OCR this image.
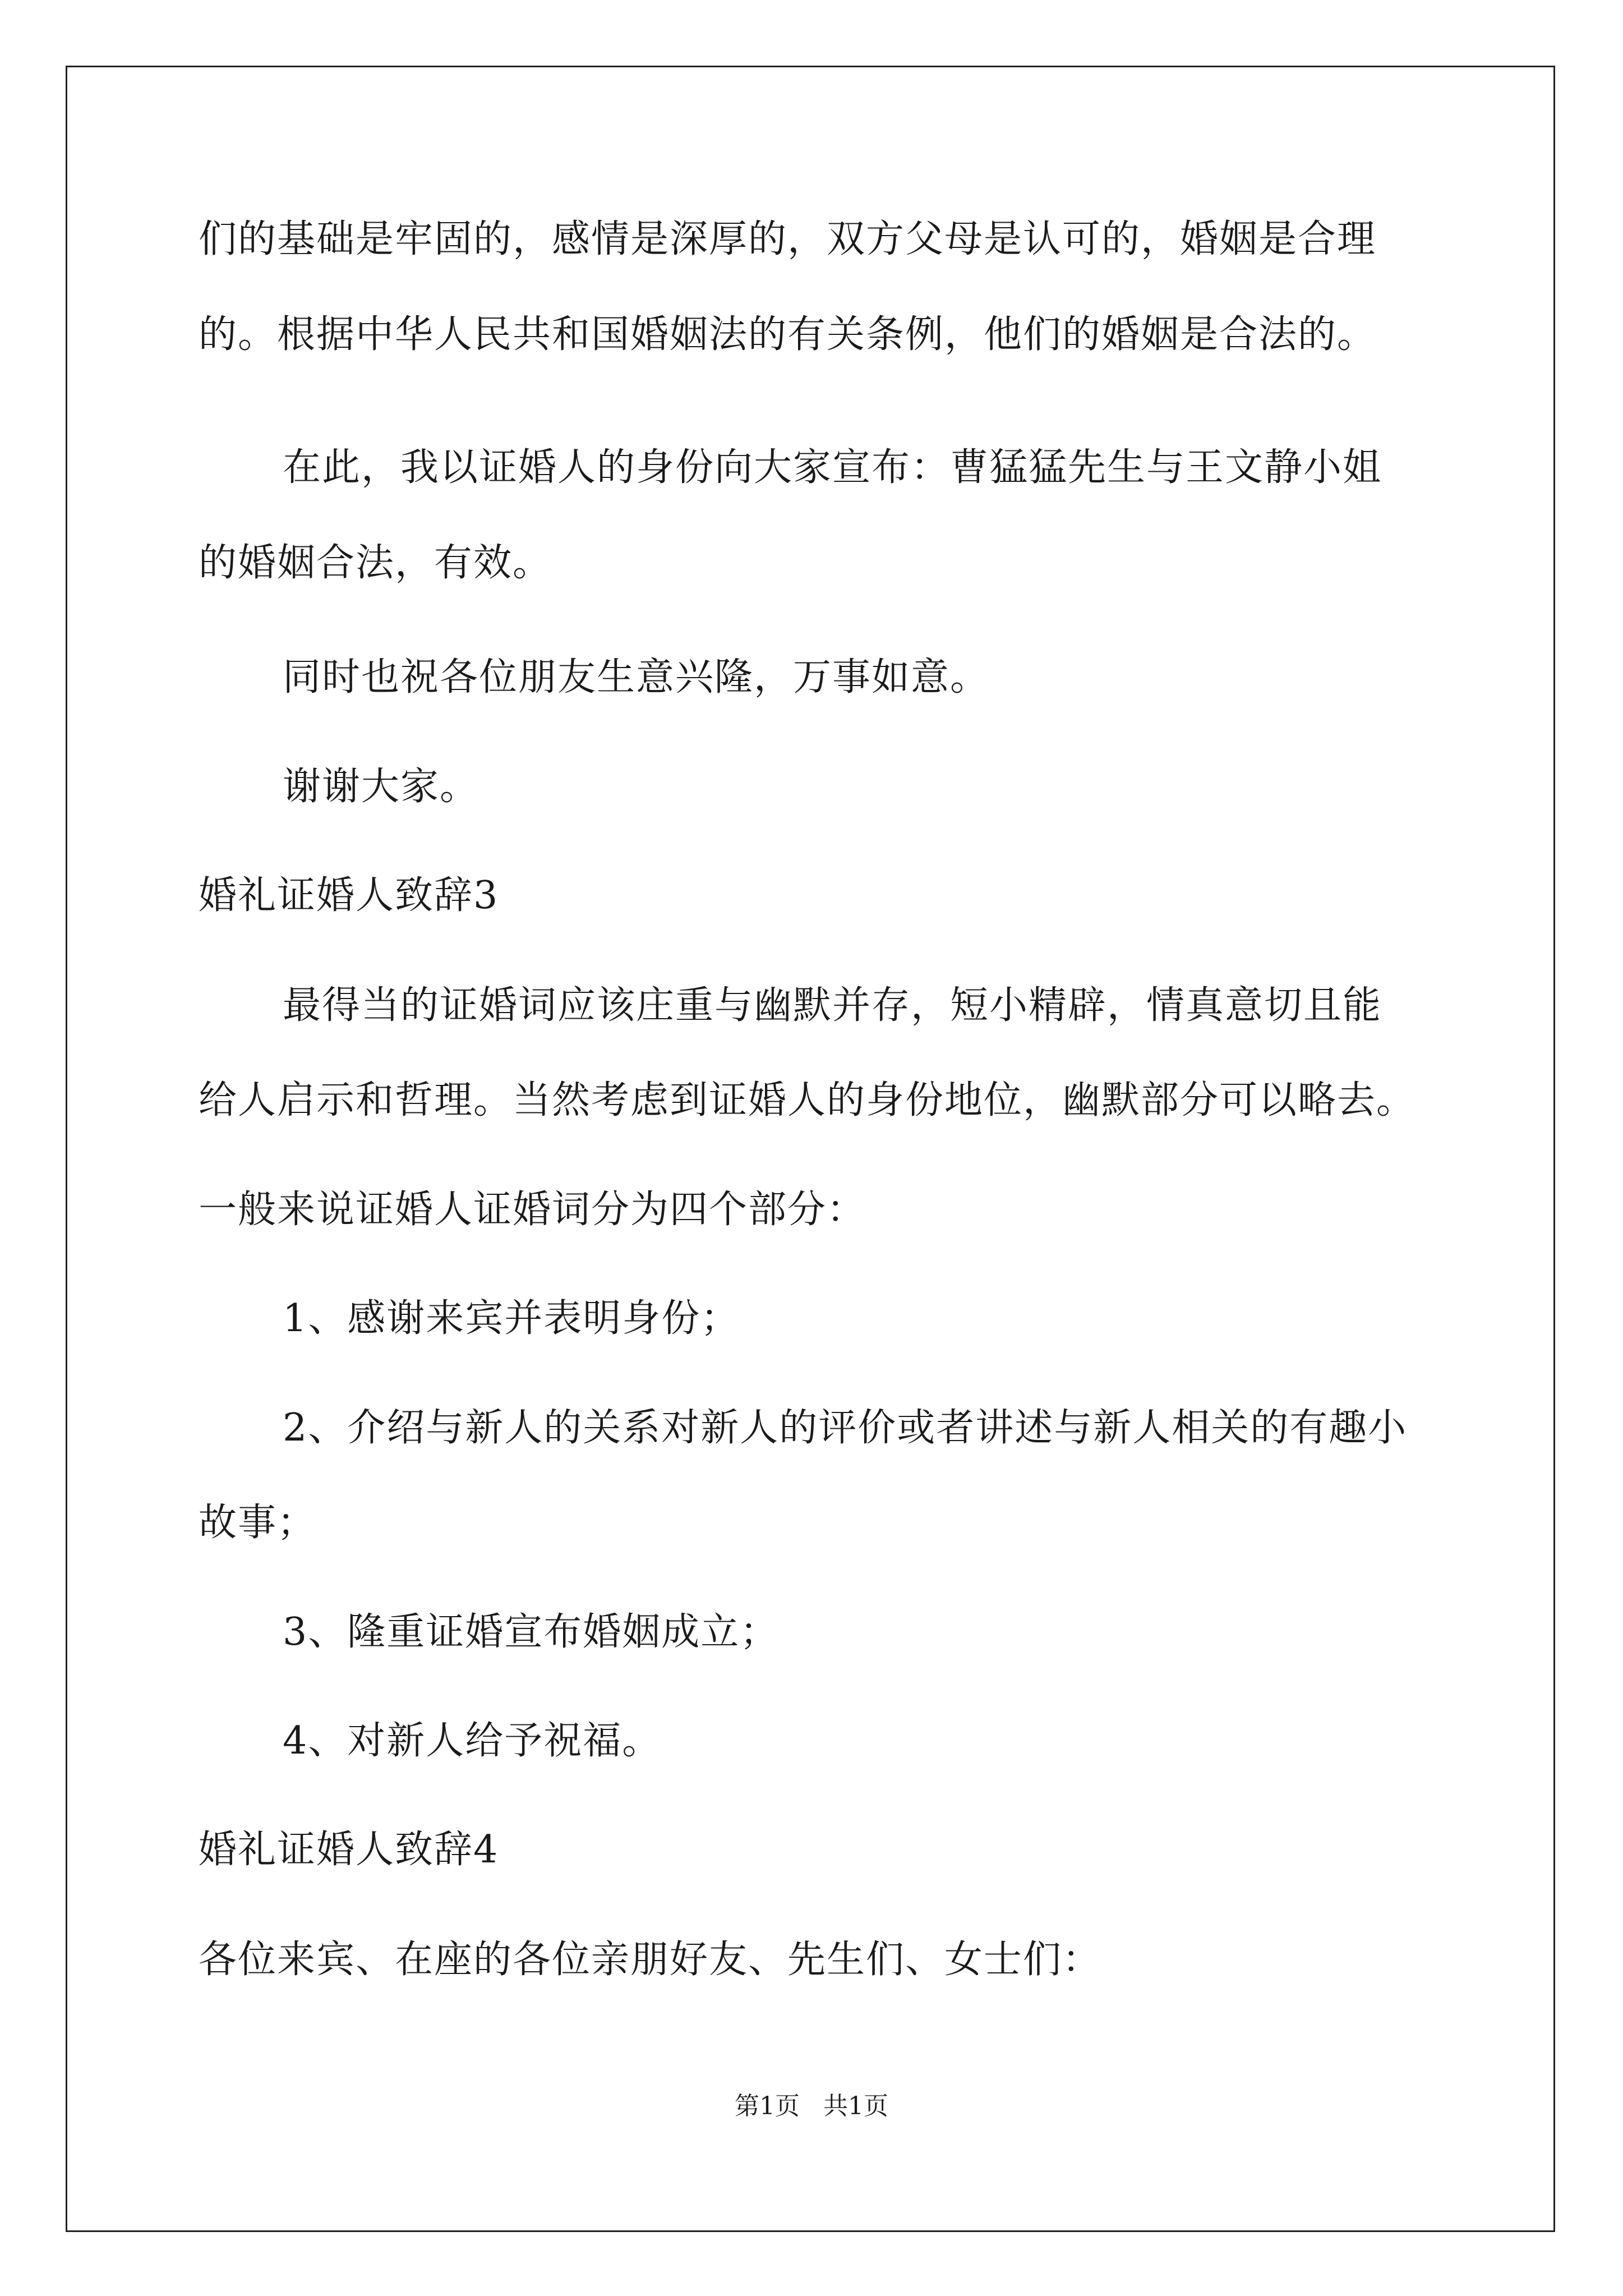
们的基础是牢固的，感情是深厚的，双方父母是认可的，婚姻是合理
的。根据中华人民共和国婚姻法的有关条例，他们的婚姻是合法的。
在此，我以证婚人的身份向大家宣布：曹猛猛先生与王文静小姐
的婚姻合法，有效。
同时也祝各位朋友生意兴隆，万事如意。
谢谢大家。
婚礼证婚人致辞3
最得当的证婚词应该庄重与幽默并存，短小精辟，情真意切且能
给人启示和哲理。当然考虑到证婚人的身份地位，幽默部分可以略去。
一般来说证婚人证婚词分为四个部分：
1、感谢来宾并表明身份；
2、介绍与新人的关系对新人的评价或者讲述与新人相关的有趣小
故事；
3、隆重证婚宣布婚姻成立；
4、对新人给予祝福。
婚礼证婚人致辞4
各位来宾、在座的各位亲朋好友、先生们、女士们：
第1页   共1页
